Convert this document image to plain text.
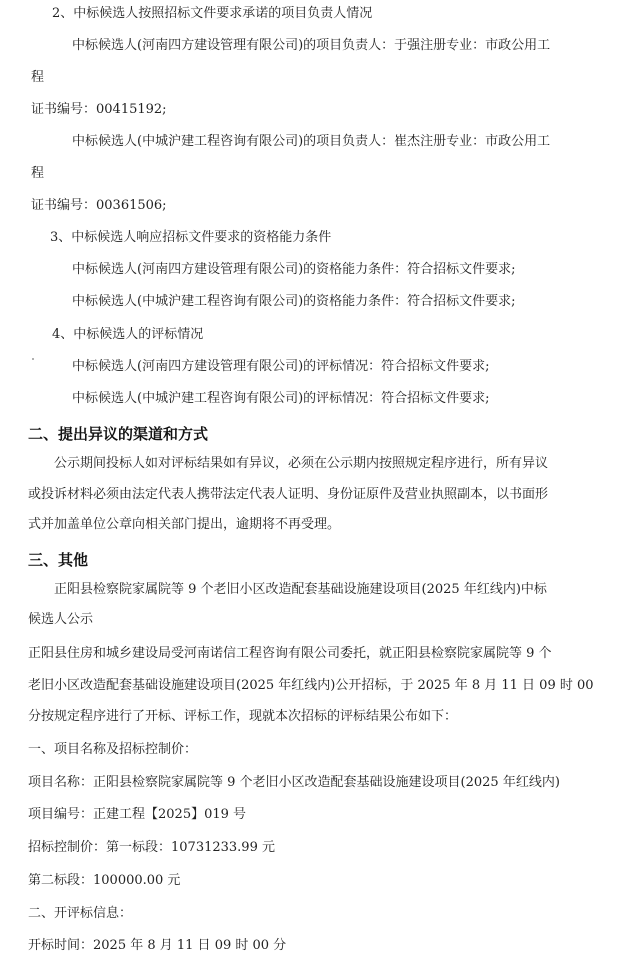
2、中标候选人按照招标文件要求承诺的项目负责人情况
中标候选人(河南四方建设管理有限公司)的项目负责人：于强注册专业：市政公用工
程
证书编号：00415192;
中标候选人(中城沪建工程咨询有限公司)的项目负责人：崔杰注册专业：市政公用工
程
证书编号：00361506;
3、中标候选人响应招标文件要求的资格能力条件
中标候选人(河南四方建设管理有限公司)的资格能力条件：符合招标文件要求;
中标候选人(中城沪建工程咨询有限公司)的资格能力条件：符合招标文件要求;
4、中标候选人的评标情况
中标候选人(河南四方建设管理有限公司)的评标情况：符合招标文件要求;
中标候选人(中城沪建工程咨询有限公司)的评标情况：符合招标文件要求;
二、提出异议的渠道和方式
公示期间投标人如对评标结果如有异议，必须在公示期内按照规定程序进行，所有异议
或投诉材料必须由法定代表人携带法定代表人证明、身份证原件及营业执照副本，以书面形
式并加盖单位公章向相关部门提出，逾期将不再受理。
三、其他
正阳县检察院家属院等 9 个老旧小区改造配套基础设施建设项目(2025 年红线内)中标
候选人公示
正阳县住房和城乡建设局受河南诺信工程咨询有限公司委托，就正阳县检察院家属院等 9 个
老旧小区改造配套基础设施建设项目(2025 年红线内)公开招标，于 2025 年 8 月 11 日 09 时 00
分按规定程序进行了开标、评标工作，现就本次招标的评标结果公布如下：
一、项目名称及招标控制价：
项目名称：正阳县检察院家属院等 9 个老旧小区改造配套基础设施建设项目(2025 年红线内)
项目编号：正建工程【2025】019 号
招标控制价：第一标段：10731233.99 元
第二标段：100000.00 元
二、开评标信息：
开标时间：2025 年 8 月 11 日 09 时 00 分
